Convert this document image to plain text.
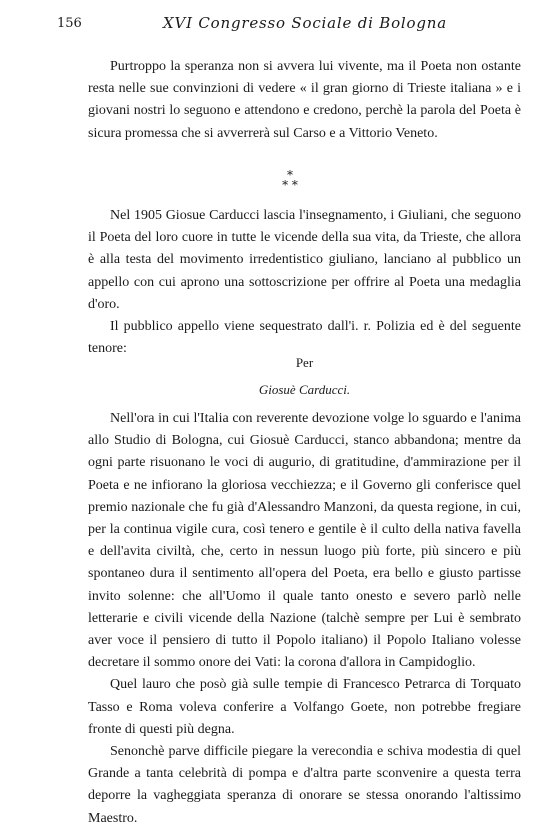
156	XVI Congresso Sociale di Bologna

Purtroppo la speranza non si avvera lui vivente, ma il Poeta non ostante resta nelle sue convinzioni di vedere « il gran giorno di Trieste italiana » e i giovani nostri lo seguono e attendono e credono, perchè la parola del Poeta è sicura promessa che si avverrerà sul Carso e a Vittorio Veneto.

*
* *

Nel 1905 Giosue Carducci lascia l'insegnamento, i Giuliani, che seguono il Poeta del loro cuore in tutte le vicende della sua vita, da Trieste, che allora è alla testa del movimento irredentistico giuliano, lanciano al pubblico un appello con cui aprono una sottoscrizione per offrire al Poeta una medaglia d'oro.

Il pubblico appello viene sequestrato dall'i. r. Polizia ed è del seguente tenore:

Per
Giosuè Carducci.

Nell'ora in cui l'Italia con reverente devozione volge lo sguardo e l'anima allo Studio di Bologna, cui Giosuè Carducci, stanco abbandona; mentre da ogni parte risuonano le voci di augurio, di gratitudine, d'ammirazione per il Poeta e ne infiorano la gloriosa vecchiezza; e il Governo gli conferisce quel premio nazionale che fu già d'Alessandro Manzoni, da questa regione, in cui, per la continua vigile cura, così tenero e gentile è il culto della nativa favella e dell'avita civiltà, che, certo in nessun luogo più forte, più sincero e più spontaneo dura il sentimento all'opera del Poeta, era bello e giusto partisse invito solenne: che all'Uomo il quale tanto onesto e severo parlò nelle letterarie e civili vicende della Nazione (talchè sempre per Lui è sembrato aver voce il pensiero di tutto il Popolo italiano) il Popolo Italiano volesse decretare il sommo onore dei Vati: la corona d'allora in Campidoglio.

Quel lauro che posò già sulle tempie di Francesco Petrarca di Torquato Tasso e Roma voleva conferire a Volfango Goete, non potrebbe fregiare fronte di questi più degna.

Senonchè parve difficile piegare la verecondia e schiva modestia di quel Grande a tanta celebrità di pompa e d'altra parte sconvenire a questa terra deporre la vagheggiata speranza di onorare se stessa onorando l'altissimo Maestro.
